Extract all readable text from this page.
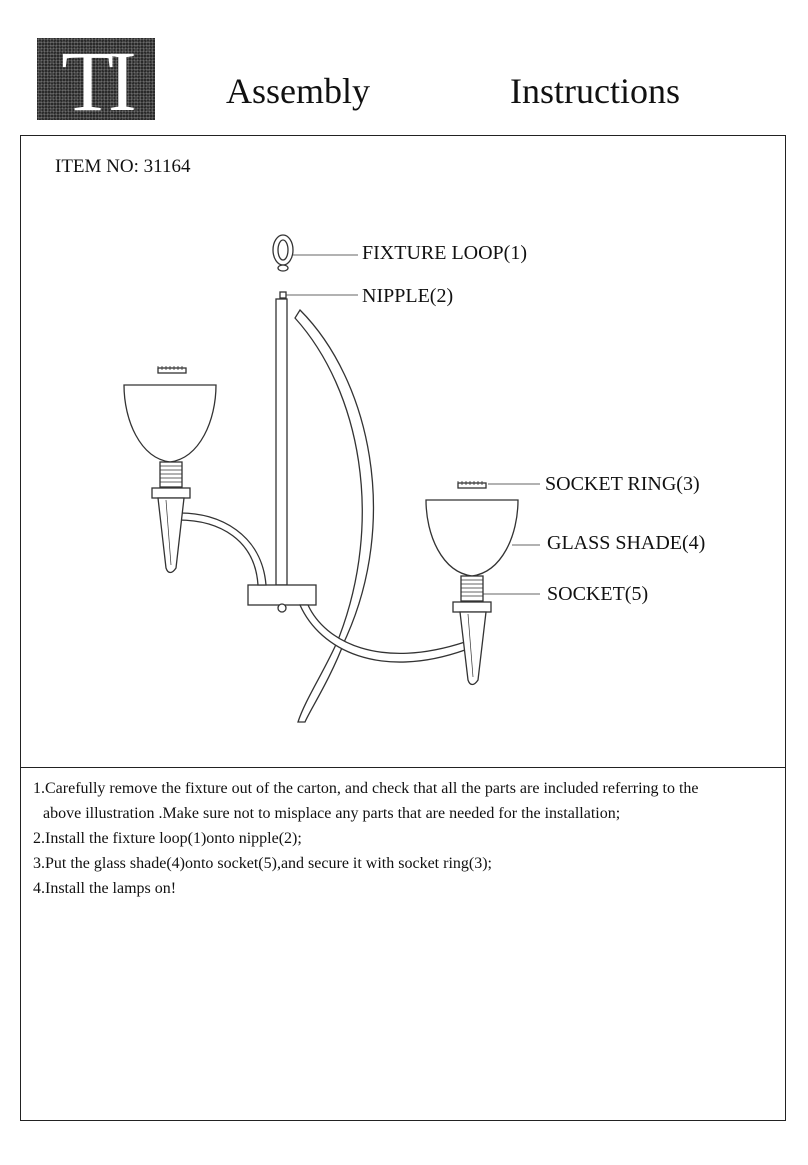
TI	Assembly    Instructions
ITEM NO: 31164
FIXTURE LOOP(1)
NIPPLE(2)
SOCKET RING(3)
GLASS SHADE(4)
SOCKET(5)
1.Carefully remove the fixture out of the carton, and check that all the parts are included referring to the
above illustration .Make sure not to misplace any parts that are needed for the installation;
2.Install the fixture loop(1)onto nipple(2);
3.Put the glass shade(4)onto socket(5),and secure it with socket ring(3);
4.Install the lamps on!
